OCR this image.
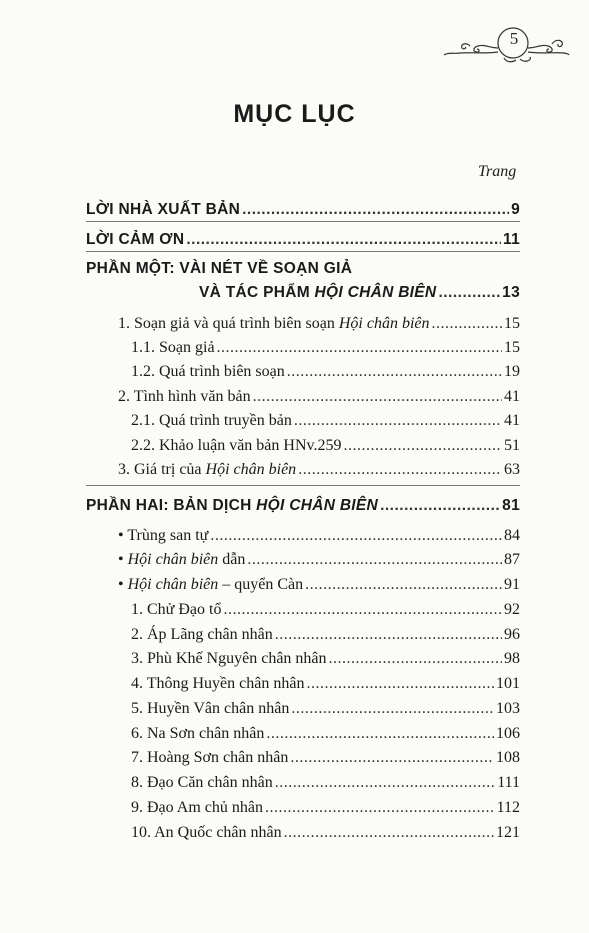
5
MỤC LỤC
Trang
LỜI NHÀ XUẤT BẢN .....	9
LỜI CẢM ƠN .....	11
PHẦN MỘT: VÀI NÉT VỀ SOẠN GIẢ
VÀ TÁC PHẨM HỘI CHÂN BIÊN .....	13
1. Soạn giả và quá trình biên soạn Hội chân biên .....	15
1.1. Soạn giả .....	15
1.2. Quá trình biên soạn .....	19
2. Tình hình văn bản .....	41
2.1. Quá trình truyền bản .....	41
2.2. Khảo luận văn bản HNv.259 .....	51
3. Giá trị của Hội chân biên .....	63
PHẦN HAI: BẢN DỊCH HỘI CHÂN BIÊN .....	81
• Trùng san tự .....	84
• Hội chân biên dẫn .....	87
• Hội chân biên – quyển Càn .....	91
1. Chử Đạo tổ .....	92
2. Áp Lãng chân nhân .....	96
3. Phù Khế Nguyên chân nhân .....	98
4. Thông Huyền chân nhân .....	101
5. Huyền Vân chân nhân .....	103
6. Na Sơn chân nhân .....	106
7. Hoàng Sơn chân nhân .....	108
8. Đạo Căn chân nhân .....	111
9. Đạo Am chủ nhân .....	112
10. An Quốc chân nhân .....	121
